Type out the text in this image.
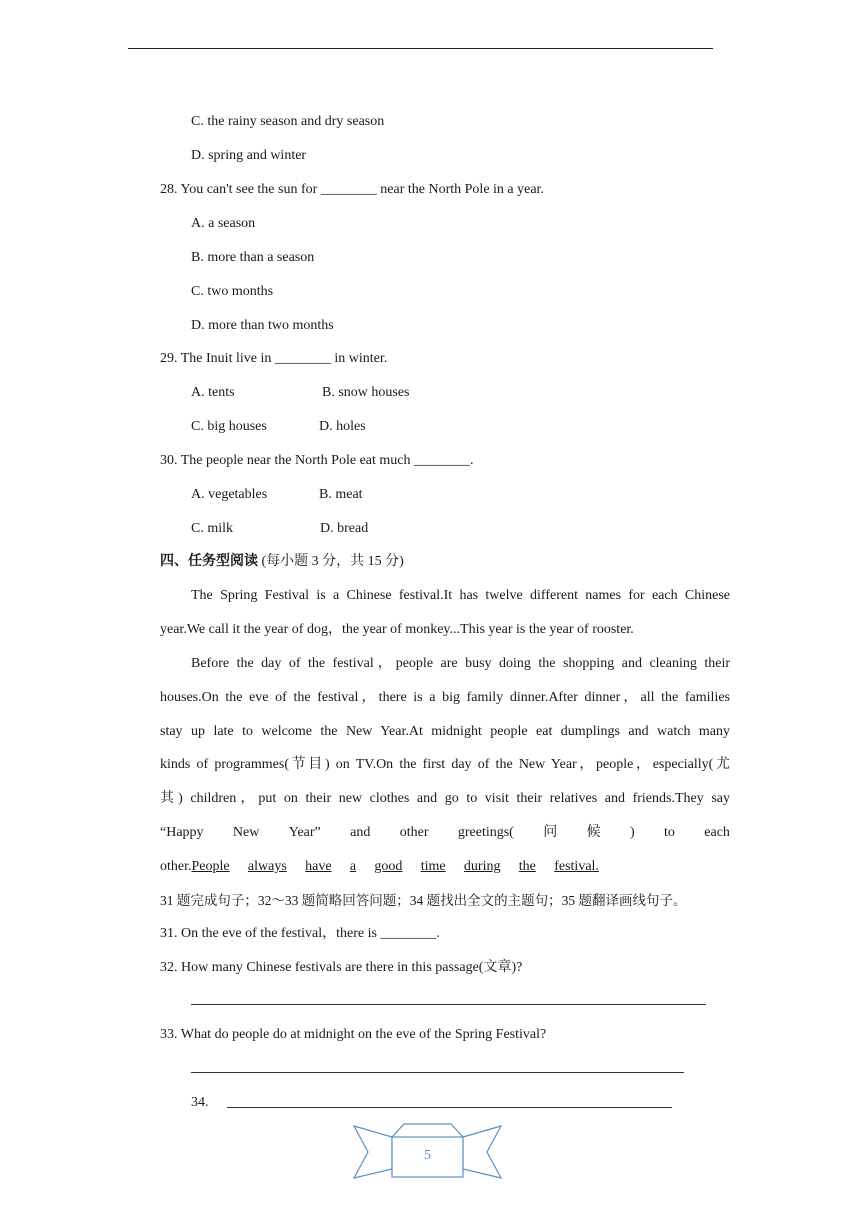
C. the rainy season and dry season
D. spring and winter
28. You can't see the sun for ________ near the North Pole in a year.
A. a season
B. more than a season
C. two months
D. more than two months
29. The Inuit live in ________ in winter.
A. tents	B. snow houses
C. big houses	D. holes
30. The people near the North Pole eat much ________.
A. vegetables	B. meat
C. milk	D. bread
四、任务型阅读 (每小题 3 分，共 15 分)
The Spring Festival is a Chinese festival.It has twelve different names for each Chinese
year.We call it the year of dog，the year of monkey...This year is the year of rooster.
Before the day of the festival，people are busy doing the shopping and cleaning their
houses.On the eve of the festival，there is a big family dinner.After dinner，all the families
stay up late to welcome the New Year.At midnight people eat dumplings and watch many
kinds of programmes(节目) on TV.On the first day of the New Year，people，especially(尤
其) children，put on their new clothes and go to visit their relatives and friends.They say
“Happy New Year” and other greetings( 问 候 ) to each
other. People always have a good time during the festival.
31 题完成句子；32～33 题简略回答问题；34 题找出全文的主题句；35 题翻译画线句子。
31. On the eve of the festival，there is ________.
32. How many Chinese festivals are there in this passage(文章)?
33. What do people do at midnight on the eve of the Spring Festival?
34.
5
